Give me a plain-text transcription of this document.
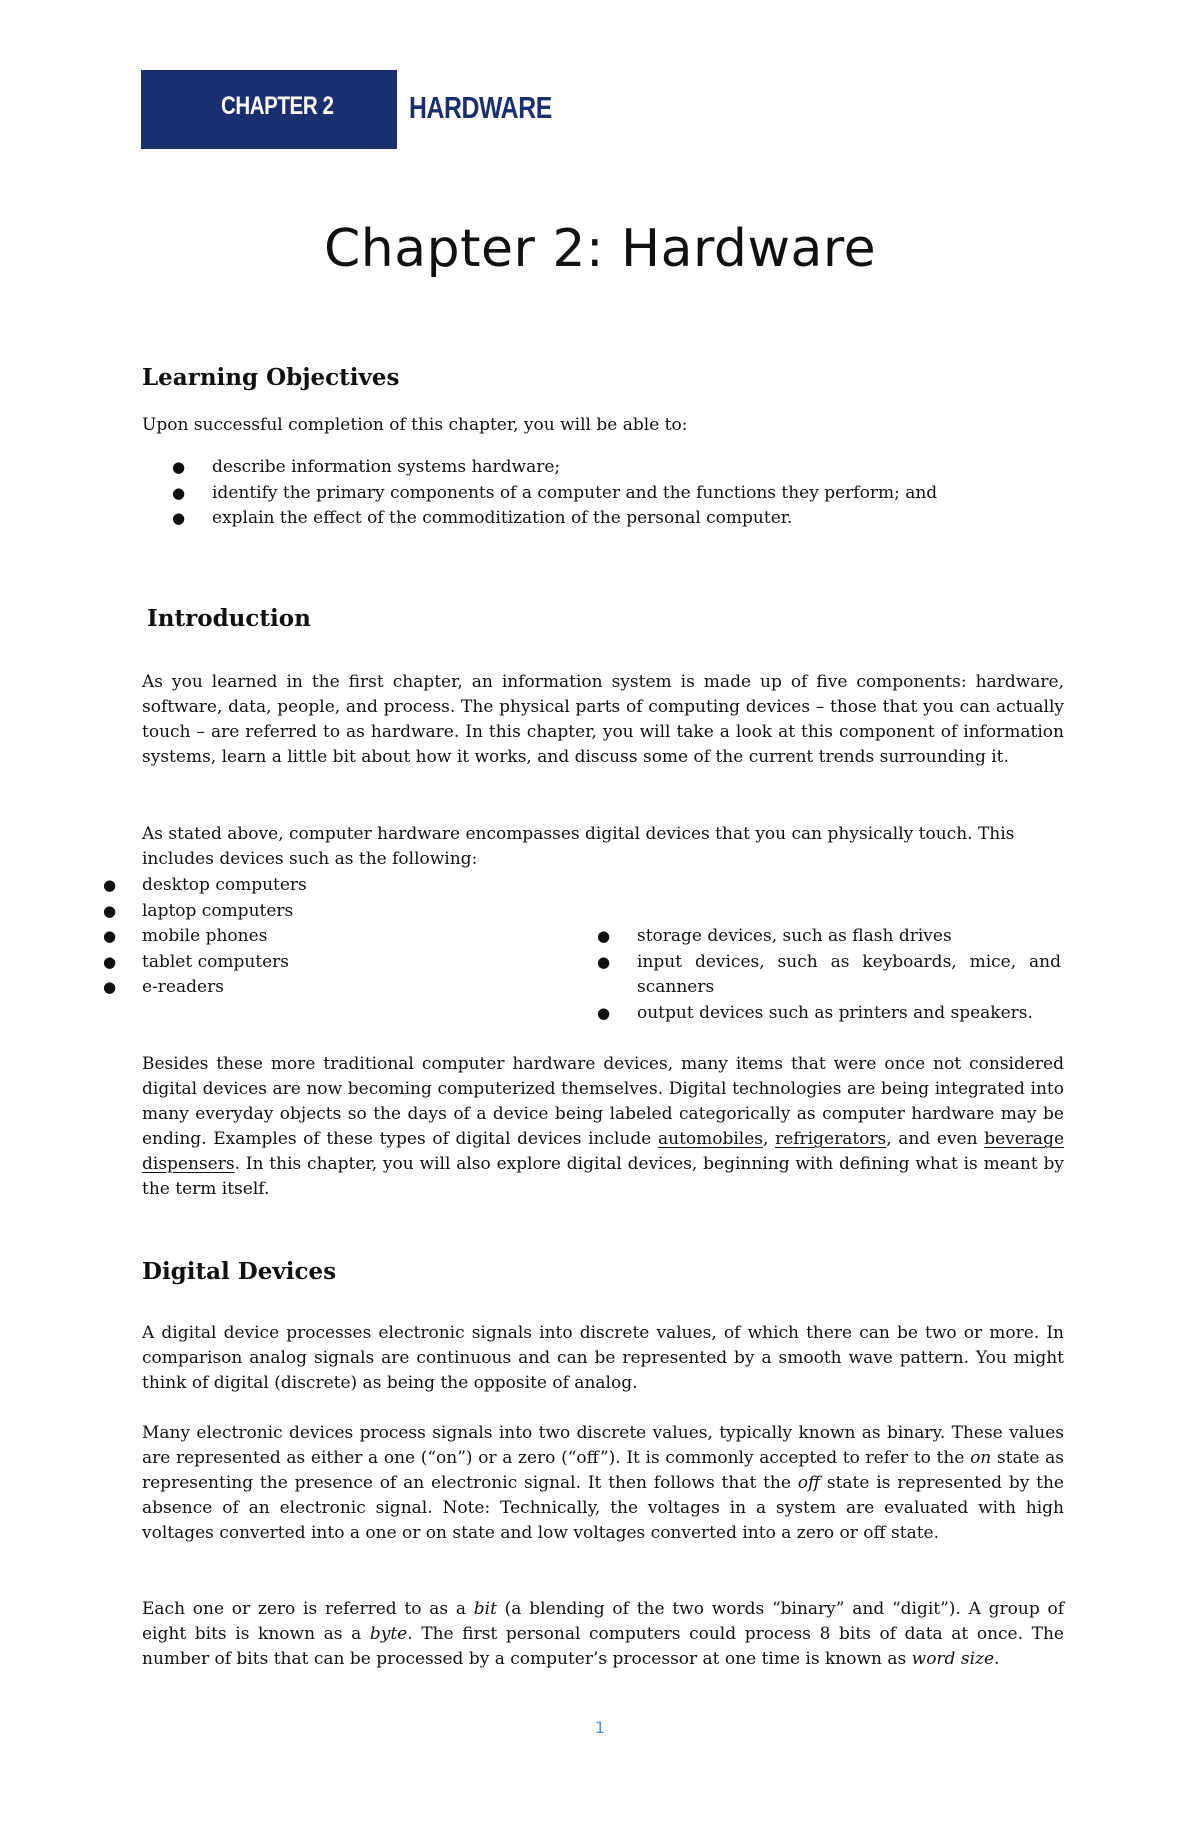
CHAPTER 2 HARDWARE
Chapter 2: Hardware
Learning Objectives

Upon successful completion of this chapter, you will be able to:

● describe information systems hardware;
● identify the primary components of a computer and the functions they perform; and
● explain the effect of the commoditization of the personal computer.
Introduction

As you learned in the first chapter, an information system is made up of five components: hardware, software, data, people, and process. The physical parts of computing devices – those that you can actually touch – are referred to as hardware. In this chapter, you will take a look at this component of information systems, learn a little bit about how it works, and discuss some of the current trends surrounding it.

As stated above, computer hardware encompasses digital devices that you can physically touch. This
includes devices such as the following:
● desktop computers
● laptop computers
● mobile phones
● tablet computers
● e-readers
● storage devices, such as flash drives
● input devices, such as keyboards, mice, and
scanners
● output devices such as printers and speakers.

Besides these more traditional computer hardware devices, many items that were once not considered digital devices are now becoming computerized themselves. Digital technologies are being integrated into many everyday objects so the days of a device being labeled categorically as computer hardware may be ending. Examples of these types of digital devices include automobiles, refrigerators, and even beverage dispensers. In this chapter, you will also explore digital devices, beginning with defining what is meant by the term itself.

Digital Devices

A digital device processes electronic signals into discrete values, of which there can be two or more. In comparison analog signals are continuous and can be represented by a smooth wave pattern. You might think of digital (discrete) as being the opposite of analog.

Many electronic devices process signals into two discrete values, typically known as binary. These values are represented as either a one (“on”) or a zero (“off”). It is commonly accepted to refer to the on state as representing the presence of an electronic signal. It then follows that the off state is represented by the absence of an electronic signal. Note: Technically, the voltages in a system are evaluated with high voltages converted into a one or on state and low voltages converted into a zero or off state.

Each one or zero is referred to as a bit (a blending of the two words “binary” and “digit”). A group of eight bits is known as a byte. The first personal computers could process 8 bits of data at once. The number of bits that can be processed by a computer’s processor at one time is known as word size.

1
